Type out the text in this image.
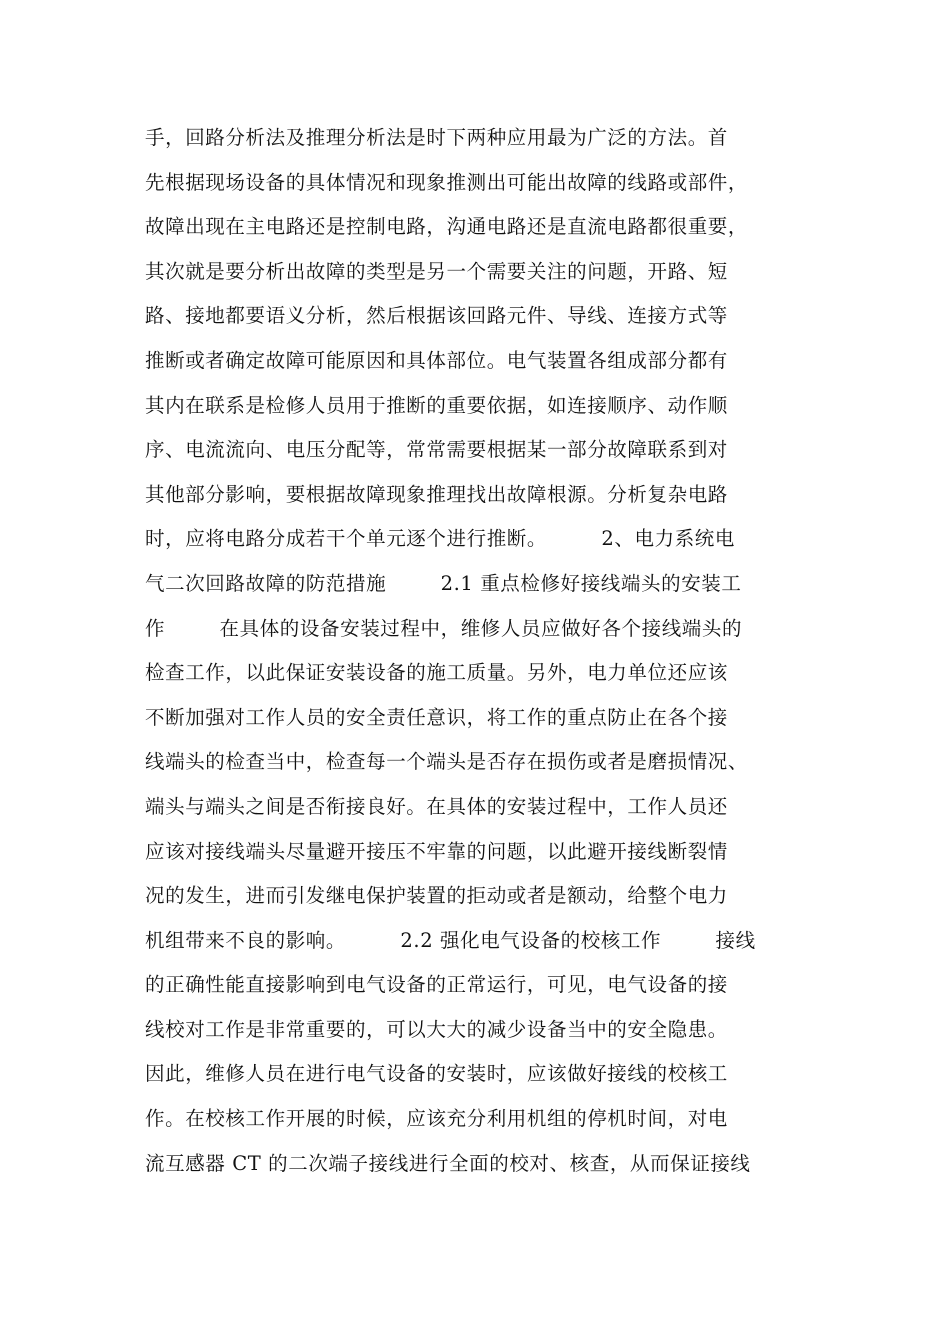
手，回路分析法及推理分析法是时下两种应用最为广泛的方法。首
先根据现场设备的具体情况和现象推测出可能出故障的线路或部件，
故障出现在主电路还是控制电路，沟通电路还是直流电路都很重要，
其次就是要分析出故障的类型是另一个需要关注的问题，开路、短
路、接地都要语义分析，然后根据该回路元件、导线、连接方式等
推断或者确定故障可能原因和具体部位。电气装置各组成部分都有
其内在联系是检修人员用于推断的重要依据，如连接顺序、动作顺
序、电流流向、电压分配等，常常需要根据某一部分故障联系到对
其他部分影响，要根据故障现象推理找出故障根源。分析复杂电路
时，应将电路分成若干个单元逐个进行推断。        2、电力系统电
气二次回路故障的防范措施        2.1 重点检修好接线端头的安装工
作        在具体的设备安装过程中，维修人员应做好各个接线端头的
检查工作，以此保证安装设备的施工质量。另外，电力单位还应该
不断加强对工作人员的安全责任意识，将工作的重点防止在各个接
线端头的检查当中，检查每一个端头是否存在损伤或者是磨损情况、
端头与端头之间是否衔接良好。在具体的安装过程中，工作人员还
应该对接线端头尽量避开接压不牢靠的问题，以此避开接线断裂情
况的发生，进而引发继电保护装置的拒动或者是额动，给整个电力
机组带来不良的影响。        2.2 强化电气设备的校核工作        接线
的正确性能直接影响到电气设备的正常运行，可见，电气设备的接
线校对工作是非常重要的，可以大大的减少设备当中的安全隐患。
因此，维修人员在进行电气设备的安装时，应该做好接线的校核工
作。在校核工作开展的时候，应该充分利用机组的停机时间，对电
流互感器 CT 的二次端子接线进行全面的校对、核查，从而保证接线
